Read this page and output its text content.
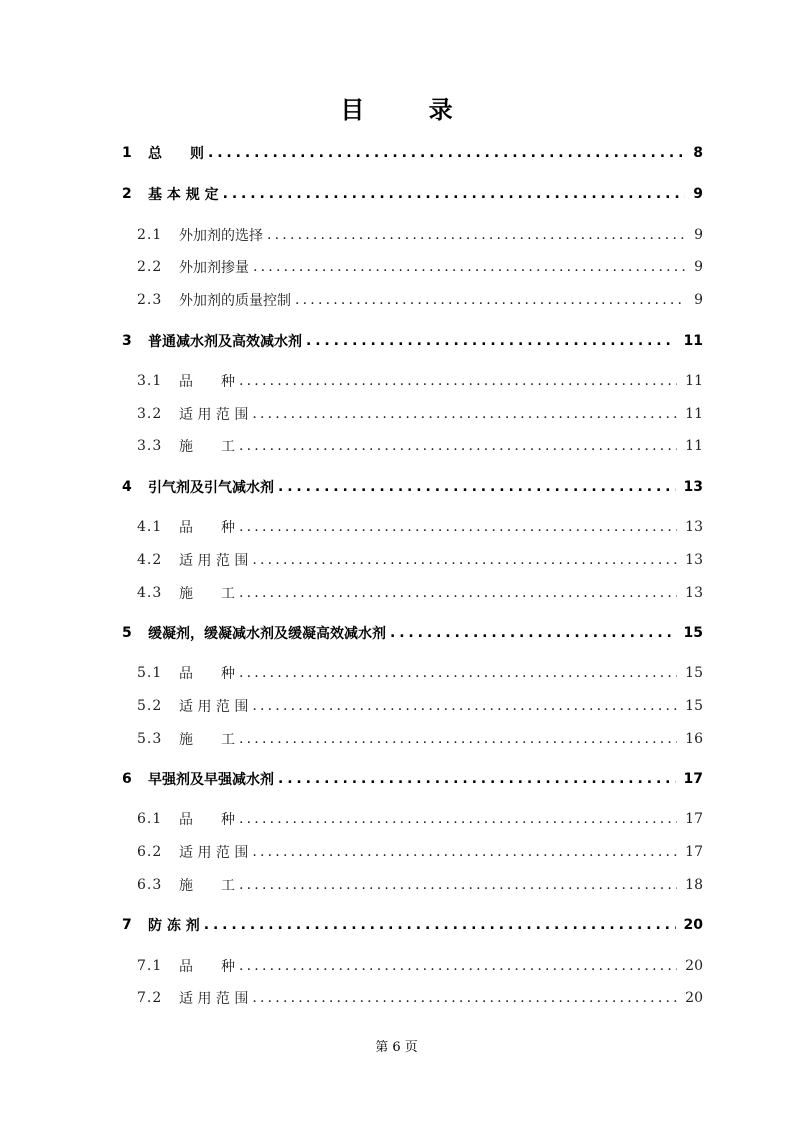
目 录
1 总　　则 .....	8
2 基 本 规 定 .....	9
2.1 外加剂的选择 .....	9
2.2 外加剂掺量 .....	9
2.3 外加剂的质量控制 .....	9
3 普通减水剂及高效减水剂 .....	11
3.1 品　　种 .....	11
3.2 适 用 范 围 .....	11
3.3 施　　工 .....	11
4 引气剂及引气减水剂 .....	13
4.1 品　　种 .....	13
4.2 适 用 范 围 .....	13
4.3 施　　工 .....	13
5 缓凝剂，缓凝减水剂及缓凝高效减水剂 .....	15
5.1 品　　种 .....	15
5.2 适 用 范 围 .....	15
5.3 施　　工 .....	16
6 早强剂及早强减水剂 .....	17
6.1 品　　种 .....	17
6.2 适 用 范 围 .....	17
6.3 施　　工 .....	18
7 防 冻 剂 .....	20
7.1 品　　种 .....	20
7.2 适 用 范 围 .....	20
第 6 页
